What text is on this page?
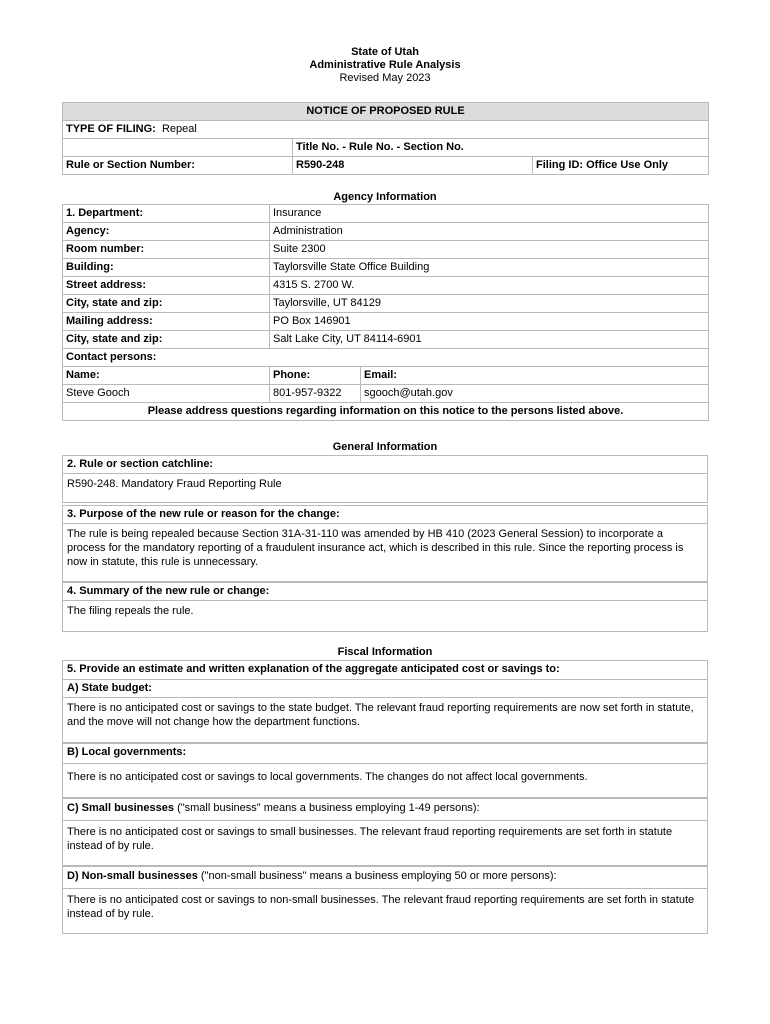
State of Utah
Administrative Rule Analysis
Revised May 2023
NOTICE OF PROPOSED RULE		
TYPE OF FILING: Repeal		
	Title No. - Rule No. - Section No.	
Rule or Section Number:	R590-248	Filing ID: Office Use Only
Agency Information
1. Department:	Insurance	
Agency:	Administration	
Room number:	Suite 2300	
Building:	Taylorsville State Office Building	
Street address:	4315 S. 2700 W.	
City, state and zip:	Taylorsville, UT 84129	
Mailing address:	PO Box 146901	
City, state and zip:	Salt Lake City, UT 84114-6901	
Contact persons:		
Name:	Phone:	Email:
Steve Gooch	801-957-9322	sgooch@utah.gov
Please address questions regarding information on this notice to the persons listed above.		
General Information
2. Rule or section catchline:
R590-248. Mandatory Fraud Reporting Rule
3. Purpose of the new rule or reason for the change:
The rule is being repealed because Section 31A-31-110 was amended by HB 410 (2023 General Session) to incorporate a process for the mandatory reporting of a fraudulent insurance act, which is described in this rule. Since the reporting process is now in statute, this rule is unnecessary.
4. Summary of the new rule or change:
The filing repeals the rule.
Fiscal Information
5. Provide an estimate and written explanation of the aggregate anticipated cost or savings to:
A) State budget:
There is no anticipated cost or savings to the state budget. The relevant fraud reporting requirements are now set forth in statute, and the move will not change how the department functions.
B) Local governments:
There is no anticipated cost or savings to local governments. The changes do not affect local governments.
C) Small businesses ("small business" means a business employing 1-49 persons):
There is no anticipated cost or savings to small businesses. The relevant fraud reporting requirements are set forth in statute instead of by rule.
D) Non-small businesses ("non-small business" means a business employing 50 or more persons):
There is no anticipated cost or savings to non-small businesses. The relevant fraud reporting requirements are set forth in statute instead of by rule.
